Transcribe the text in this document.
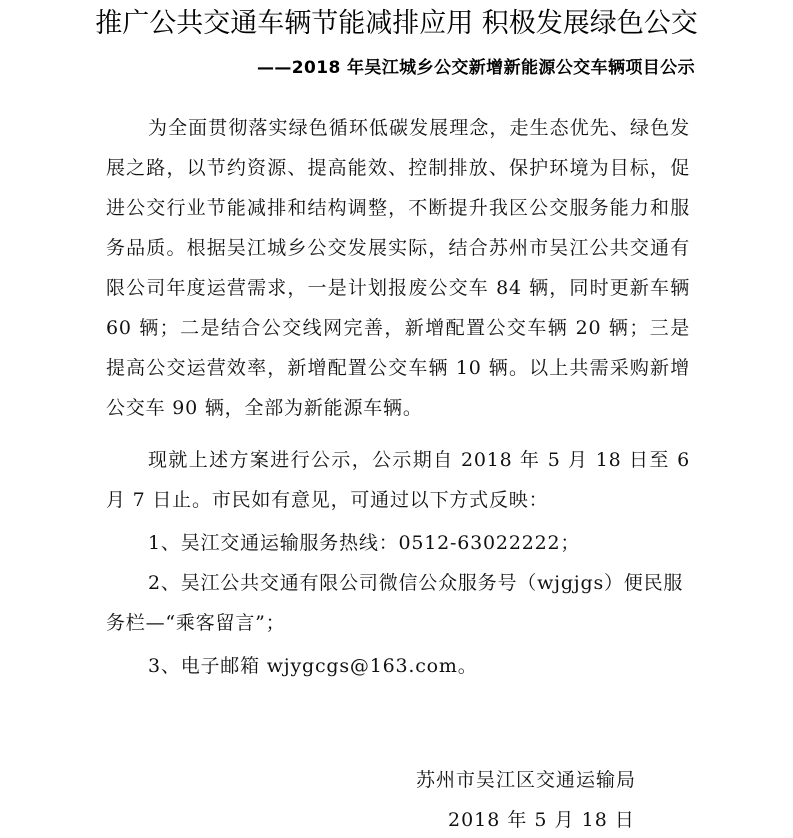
推广公共交通车辆节能减排应用 积极发展绿色公交
——2018 年吴江城乡公交新增新能源公交车辆项目公示
为全面贯彻落实绿色循环低碳发展理念，走生态优先、绿色发展之路，以节约资源、提高能效、控制排放、保护环境为目标，促进公交行业节能减排和结构调整，不断提升我区公交服务能力和服务品质。根据吴江城乡公交发展实际，结合苏州市吴江公共交通有限公司年度运营需求，一是计划报废公交车 84 辆，同时更新车辆 60 辆；二是结合公交线网完善，新增配置公交车辆 20 辆；三是提高公交运营效率，新增配置公交车辆 10 辆。以上共需采购新增公交车 90 辆，全部为新能源车辆。
现就上述方案进行公示，公示期自 2018 年 5 月 18 日至 6 月 7 日止。市民如有意见，可通过以下方式反映：
1、吴江交通运输服务热线：0512-63022222；
2、吴江公共交通有限公司微信公众服务号（wjgjgs）便民服务栏—“乘客留言”；
3、电子邮箱 wjygcgs@163.com。
苏州市吴江区交通运输局
2018 年 5 月 18 日
